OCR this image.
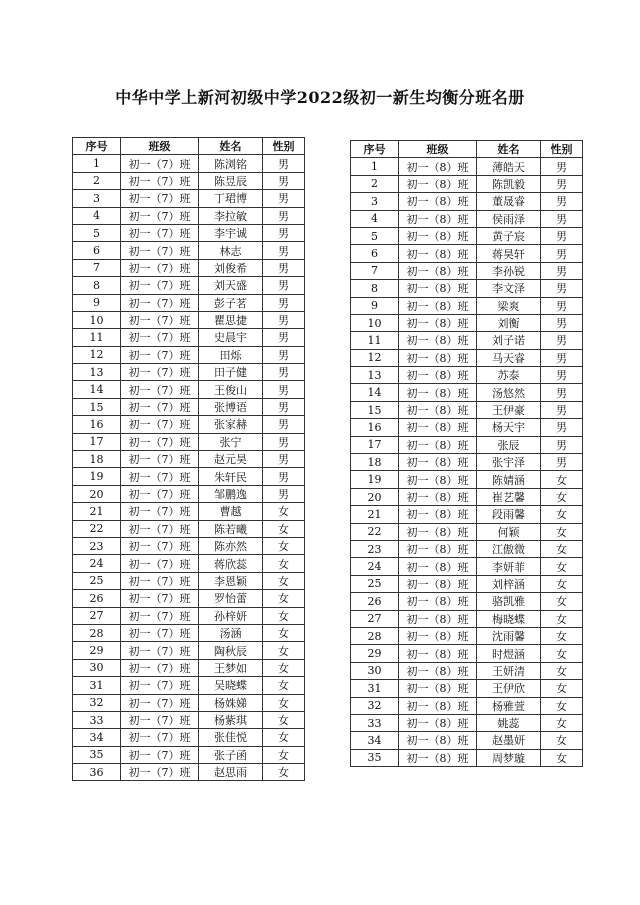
中华中学上新河初级中学2022级初一新生均衡分班名册
序号	班级	姓名	性别
1	初一（7）班	陈浏铭	男
2	初一（7）班	陈昱辰	男
3	初一（7）班	丁珺博	男
4	初一（7）班	李拉敏	男
5	初一（7）班	李宇诚	男
6	初一（7）班	林志	男
7	初一（7）班	刘俊希	男
8	初一（7）班	刘天盛	男
9	初一（7）班	彭子茗	男
10	初一（7）班	瞿思捷	男
11	初一（7）班	史晨宇	男
12	初一（7）班	田烁	男
13	初一（7）班	田子健	男
14	初一（7）班	王俊山	男
15	初一（7）班	张博语	男
16	初一（7）班	张家赫	男
17	初一（7）班	张宁	男
18	初一（7）班	赵元昊	男
19	初一（7）班	朱轩民	男
20	初一（7）班	邹鹏逸	男
21	初一（7）班	曹越	女
22	初一（7）班	陈若曦	女
23	初一（7）班	陈亦然	女
24	初一（7）班	蒋欣蕊	女
25	初一（7）班	李恩颖	女
26	初一（7）班	罗怡蕾	女
27	初一（7）班	孙梓妍	女
28	初一（7）班	汤涵	女
29	初一（7）班	陶秋辰	女
30	初一（7）班	王梦如	女
31	初一（7）班	吴晓蝶	女
32	初一（7）班	杨姝娣	女
33	初一（7）班	杨紫琪	女
34	初一（7）班	张佳悦	女
35	初一（7）班	张子函	女
36	初一（7）班	赵思雨	女
序号	班级	姓名	性别
1	初一（8）班	薄皓天	男
2	初一（8）班	陈凯毅	男
3	初一（8）班	董晟睿	男
4	初一（8）班	侯雨泽	男
5	初一（8）班	黄子宸	男
6	初一（8）班	蒋昊轩	男
7	初一（8）班	李孙锐	男
8	初一（8）班	李文泽	男
9	初一（8）班	梁爽	男
10	初一（8）班	刘衡	男
11	初一（8）班	刘子诺	男
12	初一（8）班	马天睿	男
13	初一（8）班	苏泰	男
14	初一（8）班	汤悠然	男
15	初一（8）班	王伊豪	男
16	初一（8）班	杨天宇	男
17	初一（8）班	张辰	男
18	初一（8）班	张宇泽	男
19	初一（8）班	陈婧涵	女
20	初一（8）班	崔艺馨	女
21	初一（8）班	段雨馨	女
22	初一（8）班	何颖	女
23	初一（8）班	江傲微	女
24	初一（8）班	李妍菲	女
25	初一（8）班	刘梓涵	女
26	初一（8）班	骆凯雅	女
27	初一（8）班	梅晓蝶	女
28	初一（8）班	沈雨馨	女
29	初一（8）班	时煜涵	女
30	初一（8）班	王妍清	女
31	初一（8）班	王伊欣	女
32	初一（8）班	杨雅萱	女
33	初一（8）班	姚蕊	女
34	初一（8）班	赵墨妍	女
35	初一（8）班	周梦璇	女
